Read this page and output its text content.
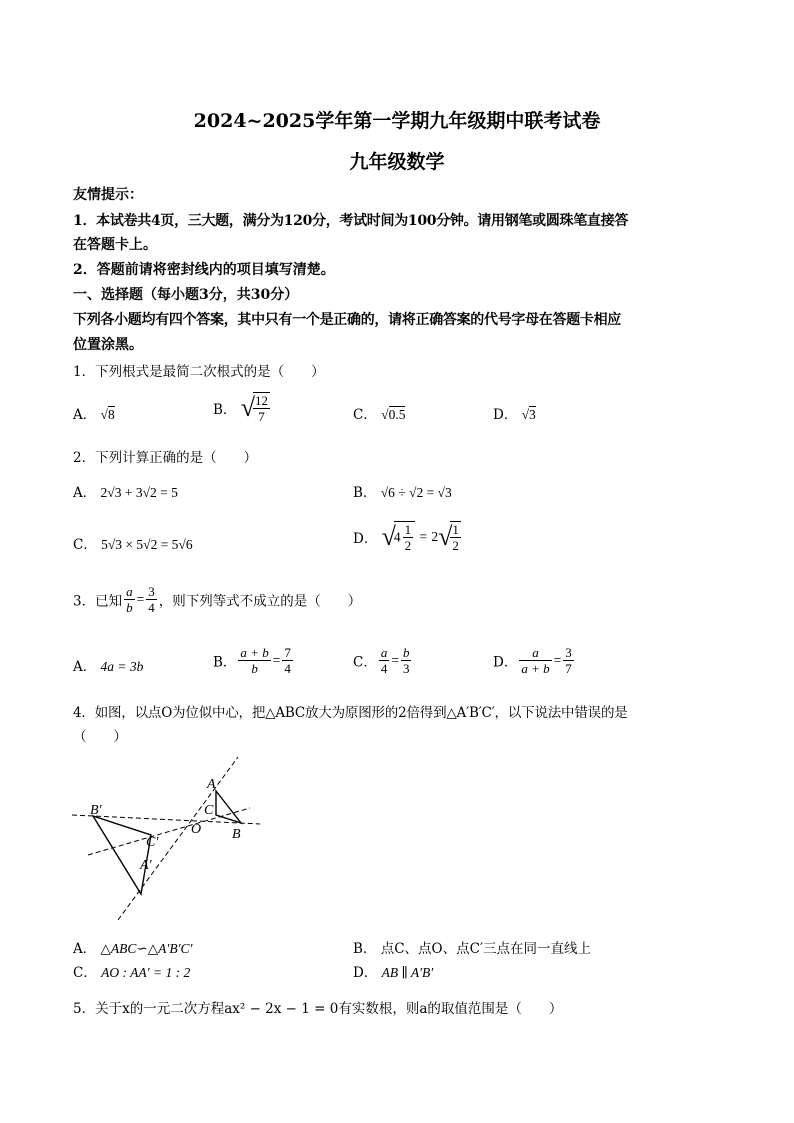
2024~2025学年第一学期九年级期中联考试卷
九年级数学
友情提示：
1．本试卷共4页，三大题，满分为120分，考试时间为100分钟。请用钢笔或圆珠笔直接答
在答题卡上。
2．答题前请将密封线内的项目填写清楚。
一、选择题（每小题3分，共30分）
下列各小题均有四个答案，其中只有一个是正确的，请将正确答案的代号字母在答题卡相应
位置涂黑。
1．下列根式是最简二次根式的是（　　）
A． √8	B． √
$\frac{12}{7}$	C． √0.5	D． √3
2．下列计算正确的是（　　）
A． 2√3 + 3√2 = 5	B． √6 ÷ √2 = √3
C． 5√3 × 5√2 = 5√6	D． $√4 \frac{1}{2} = 2√$
$\frac{1}{2}$
3．已知 $\frac{a}{b} = \frac{3}{4}$ ，则下列等式不成立的是（　　）
A． 4a = 3b	B． $\frac{a + b}{b} = \frac{7}{4}$	C． $\frac{a}{4} = \frac{b}{3}$	D． $\frac{a}{a + b} = \frac{3}{7}$
4．如图，以点O为位似中心，把△ABC放大为原图形的2倍得到△A′B′C′，以下说法中错误的是
（　　）
B′
C′
A′
O
C
A
B
A． △ABC∽△A′B′C′	B． 点C、点O、点C′三点在同一直线上
C． AO : AA′ = 1 : 2	D． AB ∥ A′B′
5．关于x的一元二次方程ax² − 2x − 1 = 0有实数根，则a的取值范围是（　　）
